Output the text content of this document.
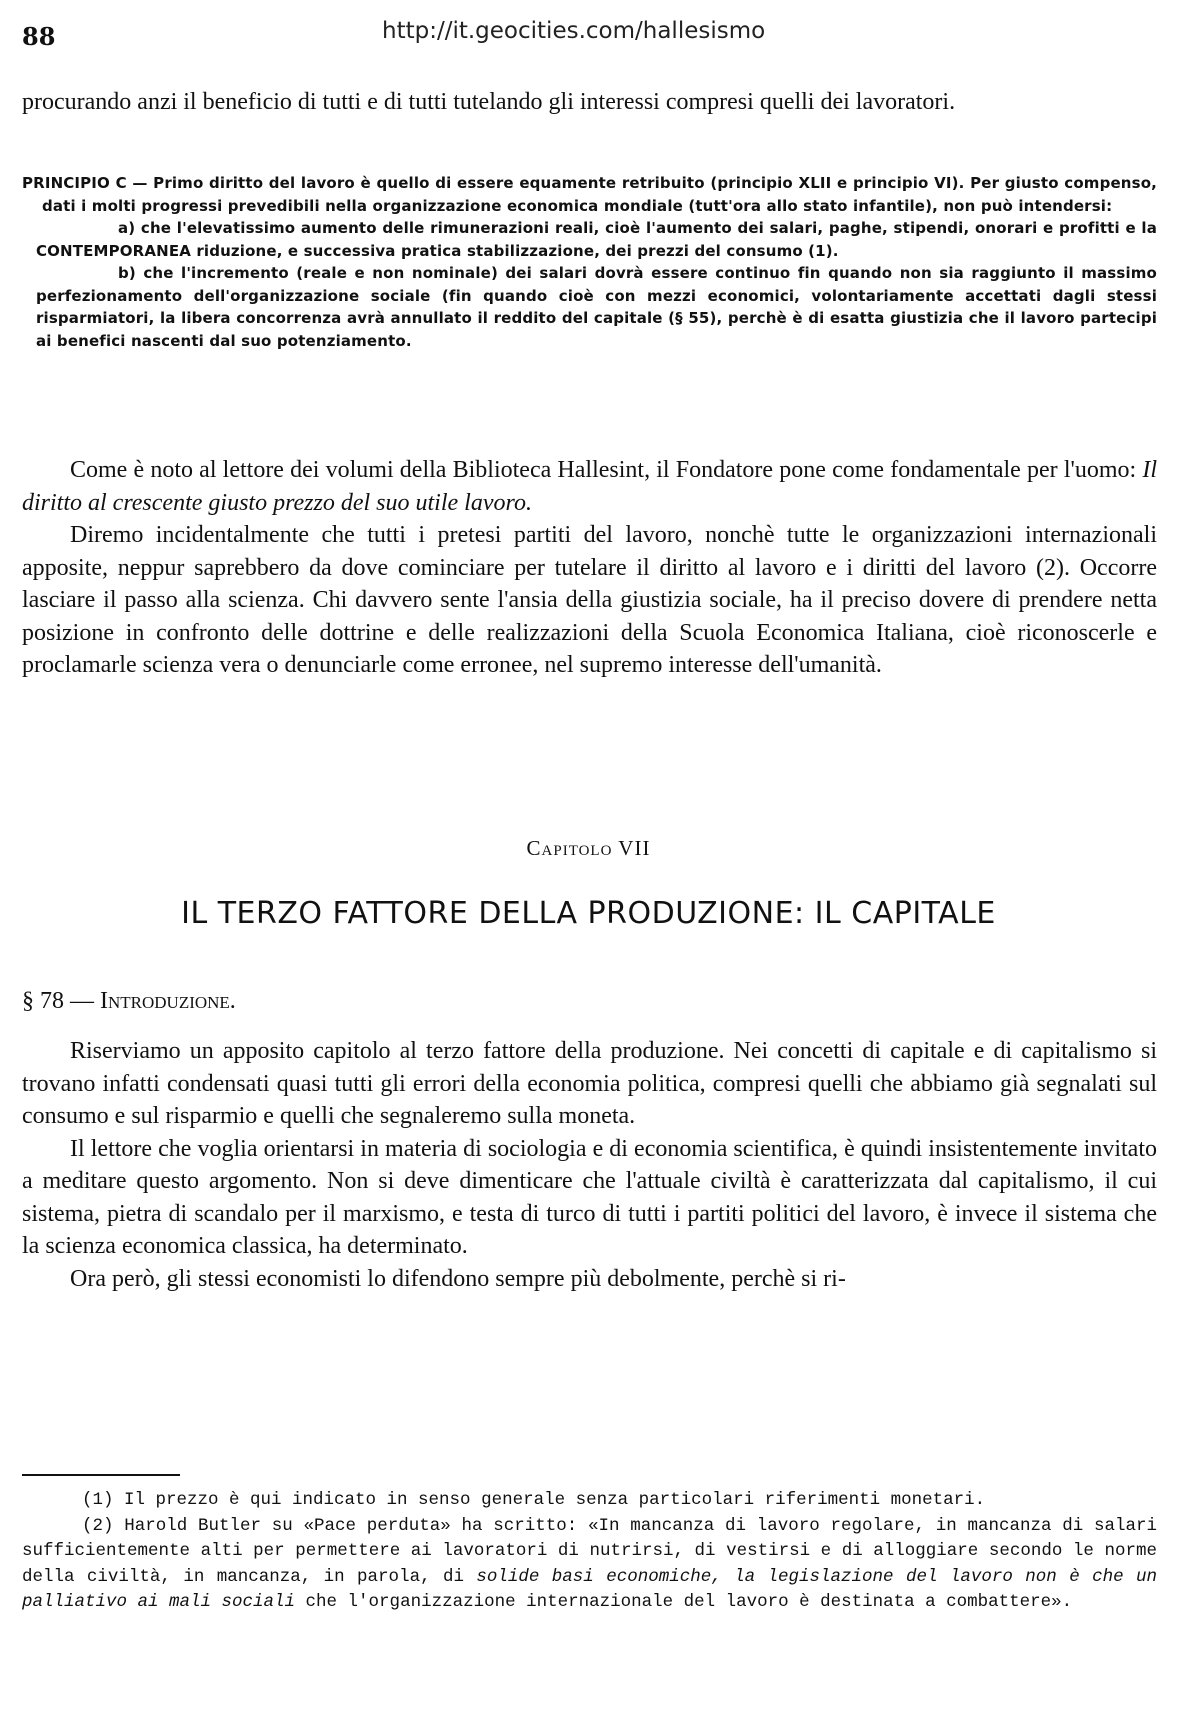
88	http://it.geocities.com/hallesismo

procurando anzi il beneficio di tutti e di tutti tutelando gli interessi compresi quelli dei lavoratori.

PRINCIPIO C — Primo diritto del lavoro è quello di essere equamente retribuito (principio XLII e principio VI). Per giusto compenso, dati i molti progressi prevedibili nella organizzazione economica mondiale (tutt'ora allo stato infantile), non può intendersi:

a) che l'elevatissimo aumento delle rimunerazioni reali, cioè l'aumento dei salari, paghe, stipendi, onorari e profitti e la CONTEMPORANEA riduzione, e successiva pratica stabilizzazione, dei prezzi del consumo (1).

b) che l'incremento (reale e non nominale) dei salari dovrà essere continuo fin quando non sia raggiunto il massimo perfezionamento dell'organizzazione sociale (fin quando cioè con mezzi economici, volontariamente accettati dagli stessi risparmiatori, la libera concorrenza avrà annullato il reddito del capitale (§ 55), perchè è di esatta giustizia che il lavoro partecipi ai benefici nascenti dal suo potenziamento.

Come è noto al lettore dei volumi della Biblioteca Hallesint, il Fondatore pone come fondamentale per l'uomo: Il diritto al crescente giusto prezzo del suo utile lavoro.

Diremo incidentalmente che tutti i pretesi partiti del lavoro, nonchè tutte le organizzazioni internazionali apposite, neppur saprebbero da dove cominciare per tutelare il diritto al lavoro e i diritti del lavoro (2). Occorre lasciare il passo alla scienza. Chi davvero sente l'ansia della giustizia sociale, ha il preciso dovere di prendere netta posizione in confronto delle dottrine e delle realizzazioni della Scuola Economica Italiana, cioè riconoscerle e proclamarle scienza vera o denunciarle come erronee, nel supremo interesse dell'umanità.

Capitolo VII
IL TERZO FATTORE DELLA PRODUZIONE: IL CAPITALE
§ 78 — Introduzione.

Riserviamo un apposito capitolo al terzo fattore della produzione. Nei concetti di capitale e di capitalismo si trovano infatti condensati quasi tutti gli errori della economia politica, compresi quelli che abbiamo già segnalati sul consumo e sul risparmio e quelli che segnaleremo sulla moneta.

Il lettore che voglia orientarsi in materia di sociologia e di economia scientifica, è quindi insistentemente invitato a meditare questo argomento. Non si deve dimenticare che l'attuale civiltà è caratterizzata dal capitalismo, il cui sistema, pietra di scandalo per il marxismo, e testa di turco di tutti i partiti politici del lavoro, è invece il sistema che la scienza economica classica, ha determinato.

Ora però, gli stessi economisti lo difendono sempre più debolmente, perchè si ri-

(1) Il prezzo è qui indicato in senso generale senza particolari riferimenti monetari.

(2) Harold Butler su «Pace perduta» ha scritto: «In mancanza di lavoro regolare, in mancanza di salari sufficientemente alti per permettere ai lavoratori di nutrirsi, di vestirsi e di alloggiare secondo le norme della civiltà, in mancanza, in parola, di solide basi economiche, la legislazione del lavoro non è che un palliativo ai mali sociali che l'organizzazione internazionale del lavoro è destinata a combattere».
